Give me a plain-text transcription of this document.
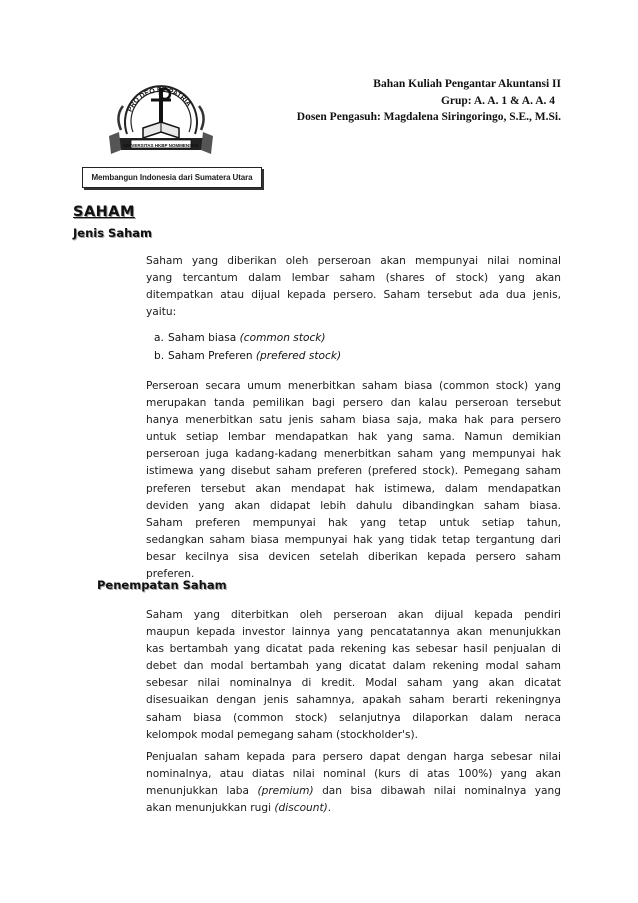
PRO DEO ET PATRIA
UNIVERSITAS HKBP NOMMENSEN
Membangun Indonesia dari Sumatera Utara
Bahan Kuliah Pengantar Akuntansi II
Grup: A. A. 1 & A. A. 4
Dosen Pengasuh: Magdalena Siringoringo, S.E., M.Si.
SAHAM
Jenis Saham
Saham yang diberikan oleh perseroan akan mempunyai nilai nominal
yang tercantum dalam lembar saham (shares of stock) yang akan
ditempatkan atau dijual kepada persero. Saham tersebut ada dua jenis,
yaitu:
a. Saham biasa (common stock)
b. Saham Preferen (prefered stock)
Perseroan secara umum menerbitkan saham biasa (common stock) yang
merupakan tanda pemilikan bagi persero dan kalau perseroan tersebut
hanya menerbitkan satu jenis saham biasa saja, maka hak para persero
untuk setiap lembar mendapatkan hak yang sama. Namun demikian
perseroan juga kadang-kadang menerbitkan saham yang mempunyai hak
istimewa yang disebut saham preferen (prefered stock). Pemegang saham
preferen tersebut akan mendapat hak istimewa, dalam mendapatkan
deviden yang akan didapat lebih dahulu dibandingkan saham biasa.
Saham preferen mempunyai hak yang tetap untuk setiap tahun,
sedangkan saham biasa mempunyai hak yang tidak tetap tergantung dari
besar kecilnya sisa devicen setelah diberikan kepada persero saham
preferen.
Penempatan Saham
Saham yang diterbitkan oleh perseroan akan dijual kepada pendiri
maupun kepada investor lainnya yang pencatatannya akan menunjukkan
kas bertambah yang dicatat pada rekening kas sebesar hasil penjualan di
debet dan modal bertambah yang dicatat dalam rekening modal saham
sebesar nilai nominalnya di kredit. Modal saham yang akan dicatat
disesuaikan dengan jenis sahamnya, apakah saham berarti rekeningnya
saham biasa (common stock) selanjutnya dilaporkan dalam neraca
kelompok modal pemegang saham (stockholder's).
Penjualan saham kepada para persero dapat dengan harga sebesar nilai
nominalnya, atau diatas nilai nominal (kurs di atas 100%) yang akan
menunjukkan laba (premium) dan bisa dibawah nilai nominalnya yang
akan menunjukkan rugi (discount).
